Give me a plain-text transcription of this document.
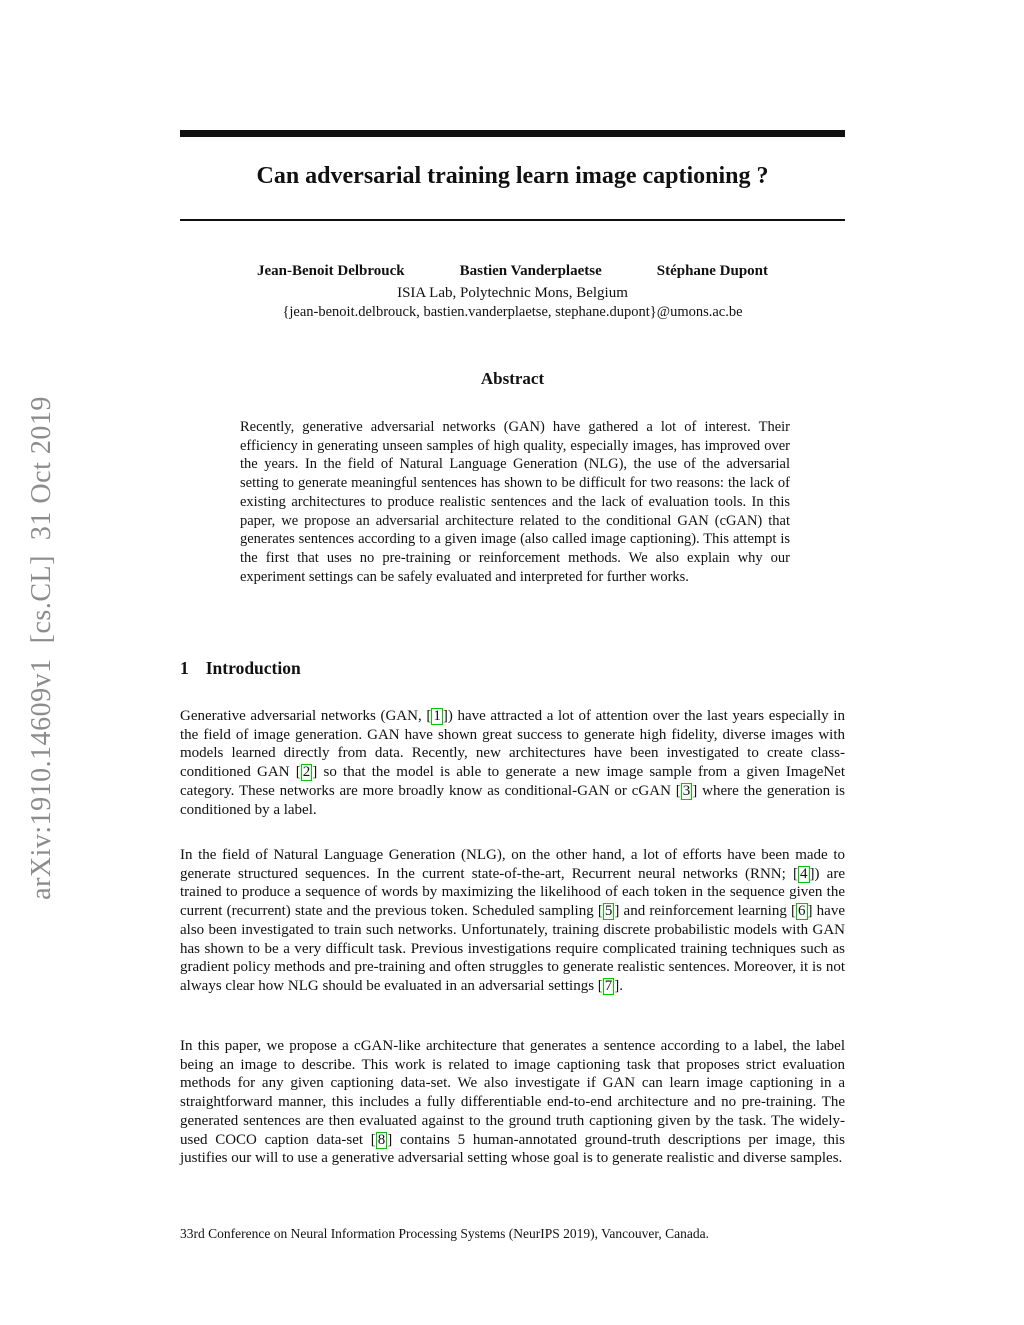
arXiv:1910.14609v1  [cs.CL]  31 Oct 2019
Can adversarial training learn image captioning ?
Jean-Benoit Delbrouck	Bastien Vanderplaetse	Stéphane Dupont
ISIA Lab, Polytechnic Mons, Belgium
{jean-benoit.delbrouck, bastien.vanderplaetse, stephane.dupont}@umons.ac.be
Abstract

Recently, generative adversarial networks (GAN) have gathered a lot of interest. Their efficiency in generating unseen samples of high quality, especially images, has improved over the years. In the field of Natural Language Generation (NLG), the use of the adversarial setting to generate meaningful sentences has shown to be difficult for two reasons: the lack of existing architectures to produce realistic sentences and the lack of evaluation tools. In this paper, we propose an adversarial architecture related to the conditional GAN (cGAN) that generates sentences according to a given image (also called image captioning). This attempt is the first that uses no pre-training or reinforcement methods. We also explain why our experiment settings can be safely evaluated and interpreted for further works.

1 Introduction

Generative adversarial networks (GAN, [ 1 ]) have attracted a lot of attention over the last years especially in the field of image generation. GAN have shown great success to generate high fidelity, diverse images with models learned directly from data. Recently, new architectures have been investigated to create class-conditioned GAN [ 2 ] so that the model is able to generate a new image sample from a given ImageNet category. These networks are more broadly know as conditional-GAN or cGAN [ 3 ] where the generation is conditioned by a label.

In the field of Natural Language Generation (NLG), on the other hand, a lot of efforts have been made to generate structured sequences. In the current state-of-the-art, Recurrent neural networks (RNN; [ 4 ]) are trained to produce a sequence of words by maximizing the likelihood of each token in the sequence given the current (recurrent) state and the previous token. Scheduled sampling [ 5 ] and reinforcement learning [ 6 ] have also been investigated to train such networks. Unfortunately, training discrete probabilistic models with GAN has shown to be a very difficult task. Previous investigations require complicated training techniques such as gradient policy methods and pre-training and often struggles to generate realistic sentences. Moreover, it is not always clear how NLG should be evaluated in an adversarial settings [ 7 ].

In this paper, we propose a cGAN-like architecture that generates a sentence according to a label, the label being an image to describe. This work is related to image captioning task that proposes strict evaluation methods for any given captioning data-set. We also investigate if GAN can learn image captioning in a straightforward manner, this includes a fully differentiable end-to-end architecture and no pre-training. The generated sentences are then evaluated against to the ground truth captioning given by the task. The widely-used COCO caption data-set [ 8 ] contains 5 human-annotated ground-truth descriptions per image, this justifies our will to use a generative adversarial setting whose goal is to generate realistic and diverse samples.

33rd Conference on Neural Information Processing Systems (NeurIPS 2019), Vancouver, Canada.
